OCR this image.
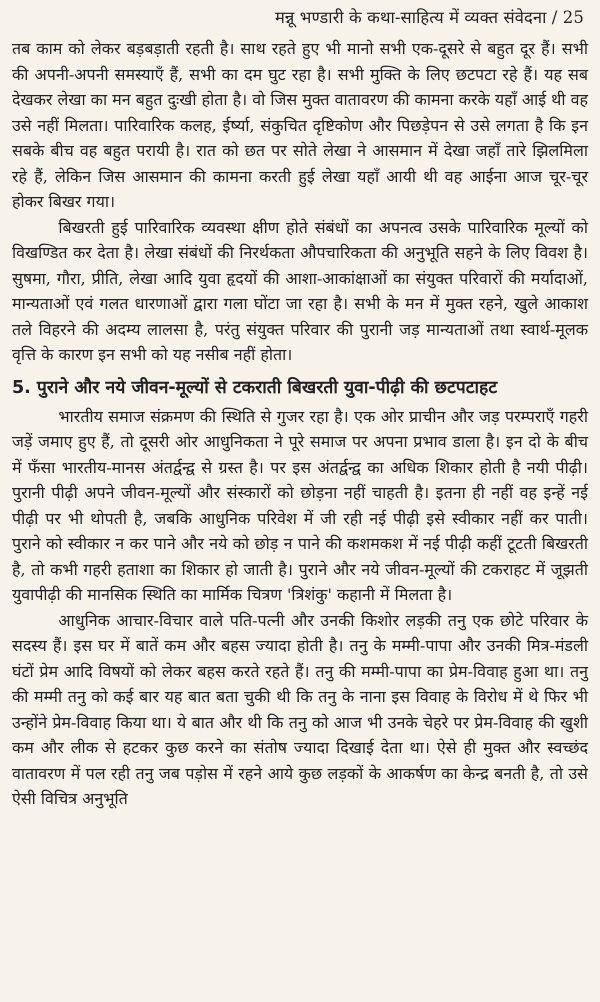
मन्नू भण्डारी के कथा-साहित्य में व्यक्त संवेदना / 25

तब काम को लेकर बड़बड़ाती रहती है। साथ रहते हुए भी मानो सभी एक-दूसरे से बहुत दूर हैं। सभी की अपनी-अपनी समस्याएँ हैं, सभी का दम घुट रहा है। सभी मुक्ति के लिए छटपटा रहे हैं। यह सब देखकर लेखा का मन बहुत दुःखी होता है। वो जिस मुक्त वातावरण की कामना करके यहाँ आई थी वह उसे नहीं मिलता। पारिवारिक कलह, ईर्ष्या, संकुचित दृष्टिकोण और पिछड़ेपन से उसे लगता है कि इन सबके बीच वह बहुत परायी है। रात को छत पर सोते लेखा ने आसमान में देखा जहाँ तारे झिलमिला रहे हैं, लेकिन जिस आसमान की कामना करती हुई लेखा यहाँ आयी थी वह आईना आज चूर-चूर होकर बिखर गया।

बिखरती हुई पारिवारिक व्यवस्था क्षीण होते संबंधों का अपनत्व उसके पारिवारिक मूल्यों को विखण्डित कर देता है। लेखा संबंधों की निरर्थकता औपचारिकता की अनुभूति सहने के लिए विवश है। सुषमा, गौरा, प्रीति, लेखा आदि युवा हृदयों की आशा-आकांक्षाओं का संयुक्त परिवारों की मर्यादाओं, मान्यताओं एवं गलत धारणाओं द्वारा गला घोंटा जा रहा है। सभी के मन में मुक्त रहने, खुले आकाश तले विहरने की अदम्य लालसा है, परंतु संयुक्त परिवार की पुरानी जड़ मान्यताओं तथा स्वार्थ-मूलक वृत्ति के कारण इन सभी को यह नसीब नहीं होता।

5. पुराने और नये जीवन-मूल्यों से टकराती बिखरती युवा-पीढ़ी की छटपटाहट

भारतीय समाज संक्रमण की स्थिति से गुजर रहा है। एक ओर प्राचीन और जड़ परम्पराएँ गहरी जड़ें जमाए हुए हैं, तो दूसरी ओर आधुनिकता ने पूरे समाज पर अपना प्रभाव डाला है। इन दो के बीच में फँसा भारतीय-मानस अंतर्द्वन्द्व से ग्रस्त है। पर इस अंतर्द्वन्द्व का अधिक शिकार होती है नयी पीढ़ी। पुरानी पीढ़ी अपने जीवन-मूल्यों और संस्कारों को छोड़ना नहीं चाहती है। इतना ही नहीं वह इन्हें नई पीढ़ी पर भी थोपती है, जबकि आधुनिक परिवेश में जी रही नई पीढ़ी इसे स्वीकार नहीं कर पाती। पुराने को स्वीकार न कर पाने और नये को छोड़ न पाने की कशमकश में नई पीढ़ी कहीं टूटती बिखरती है, तो कभी गहरी हताशा का शिकार हो जाती है। पुराने और नये जीवन-मूल्यों की टकराहट में जूझती युवापीढ़ी की मानसिक स्थिति का मार्मिक चित्रण 'त्रिशंकु' कहानी में मिलता है।

आधुनिक आचार-विचार वाले पति-पत्नी और उनकी किशोर लड़की तनु एक छोटे परिवार के सदस्य हैं। इस घर में बातें कम और बहस ज्यादा होती है। तनु के मम्मी-पापा और उनकी मित्र-मंडली घंटों प्रेम आदि विषयों को लेकर बहस करते रहते हैं। तनु की मम्मी-पापा का प्रेम-विवाह हुआ था। तनु की मम्मी तनु को कई बार यह बात बता चुकी थी कि तनु के नाना इस विवाह के विरोध में थे फिर भी उन्होंने प्रेम-विवाह किया था। ये बात और थी कि तनु को आज भी उनके चेहरे पर प्रेम-विवाह की खुशी कम और लीक से हटकर कुछ करने का संतोष ज्यादा दिखाई देता था। ऐसे ही मुक्त और स्वच्छंद वातावरण में पल रही तनु जब पड़ोस में रहने आये कुछ लड़कों के आकर्षण का केन्द्र बनती है, तो उसे ऐसी विचित्र अनुभूति
